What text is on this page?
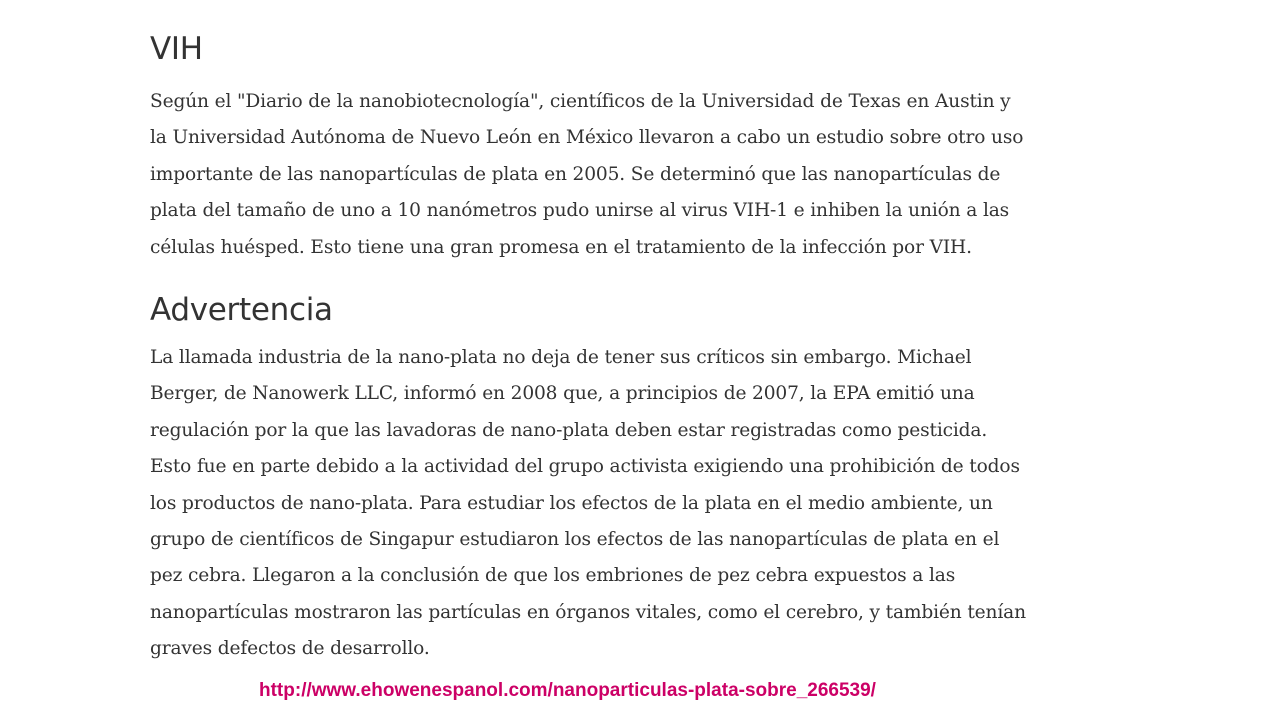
VIH
Según el "Diario de la nanobiotecnología", científicos de la Universidad de Texas en Austin y
la Universidad Autónoma de Nuevo León en México llevaron a cabo un estudio sobre otro uso
importante de las nanopartículas de plata en 2005. Se determinó que las nanopartículas de
plata del tamaño de uno a 10 nanómetros pudo unirse al virus VIH-1 e inhiben la unión a las
células huésped. Esto tiene una gran promesa en el tratamiento de la infección por VIH.
Advertencia
La llamada industria de la nano-plata no deja de tener sus críticos sin embargo. Michael
Berger, de Nanowerk LLC, informó en 2008 que, a principios de 2007, la EPA emitió una
regulación por la que las lavadoras de nano-plata deben estar registradas como pesticida.
Esto fue en parte debido a la actividad del grupo activista exigiendo una prohibición de todos
los productos de nano-plata. Para estudiar los efectos de la plata en el medio ambiente, un
grupo de científicos de Singapur estudiaron los efectos de las nanopartículas de plata en el
pez cebra. Llegaron a la conclusión de que los embriones de pez cebra expuestos a las
nanopartículas mostraron las partículas en órganos vitales, como el cerebro, y también tenían
graves defectos de desarrollo.
http://www.ehowenespanol.com/nanoparticulas-plata-sobre_266539/
